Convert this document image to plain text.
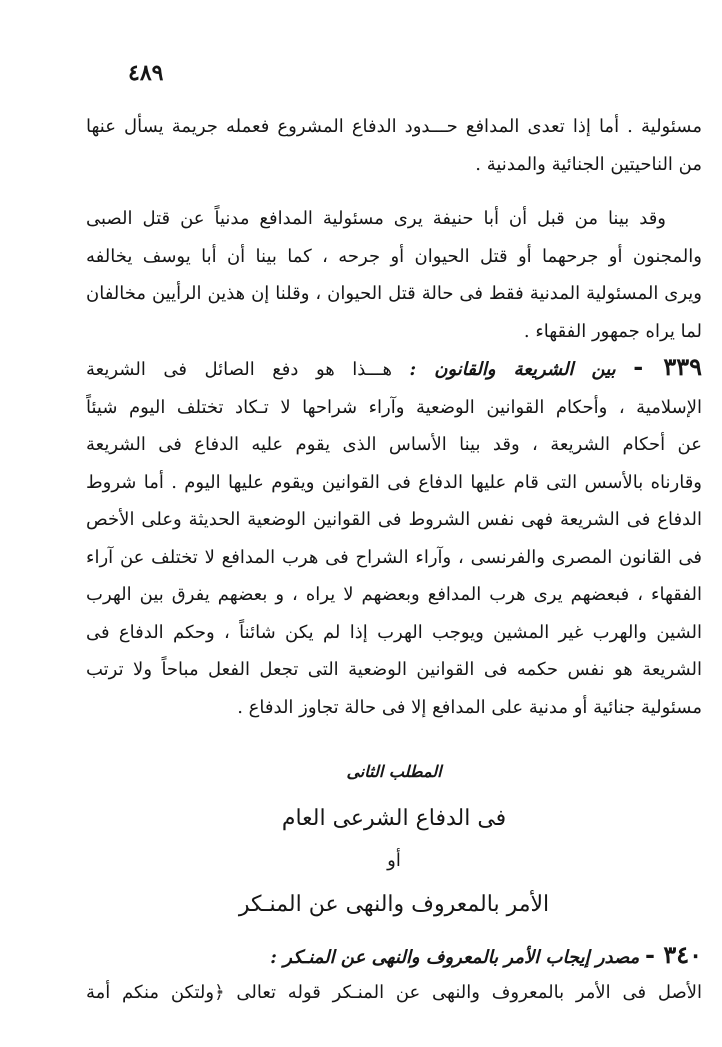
٤٨٩
مسئولية . أما إذا تعدى المدافع حـــدود الدفاع المشروع فعمله جريمة يسأل عنها
من الناحيتين الجنائية والمدنية .
وقد بينا من قبل أن أبا حنيفة يرى مسئولية المدافع مدنياً عن قتل الصبى
والمجنون أو جرحهما أو قتل الحيوان أو جرحه ، كما بينا أن أبا يوسف يخالفه
ويرى المسئولية المدنية فقط فى حالة قتل الحيوان ، وقلنا إن هذين الرأيين مخالفان
لما يراه جمهور الفقهاء .
٣٣٩ - بين الشريعة والقانون : هـــذا هو دفع الصائل فى الشريعة
الإسلامية ، وأحكام القوانين الوضعية وآراء شراحها لا تـكاد تختلف اليوم شيئاً
عن أحكام الشريعة ، وقد بينا الأساس الذى يقوم عليه الدفاع فى الشريعة
وقارناه بالأسس التى قام عليها الدفاع فى القوانين ويقوم عليها اليوم . أما شروط
الدفاع فى الشريعة فهى نفس الشروط فى القوانين الوضعية الحديثة وعلى الأخص
فى القانون المصرى والفرنسى ، وآراء الشراح فى هرب المدافع لا تختلف عن آراء
الفقهاء ، فبعضهم يرى هرب المدافع وبعضهم لا يراه ، و بعضهم يفرق بين الهرب
الشين والهرب غير المشين ويوجب الهرب إذا لم يكن شائناً ، وحكم الدفاع فى
الشريعة هو نفس حكمه فى القوانين الوضعية التى تجعل الفعل مباحاً ولا ترتب
مسئولية جنائية أو مدنية على المدافع إلا فى حالة تجاوز الدفاع .
المطلب الثانى
فى الدفاع الشرعى العام
أو
الأمر بالمعروف والنهى عن المنـكر
٣٤٠ - مصدر إيجاب الأمر بالمعروف والنهى عن المنـكر :
الأصل فى الأمر بالمعروف والنهى عن المنـكر قوله تعالى ﴿ولتكن منكم أمة
